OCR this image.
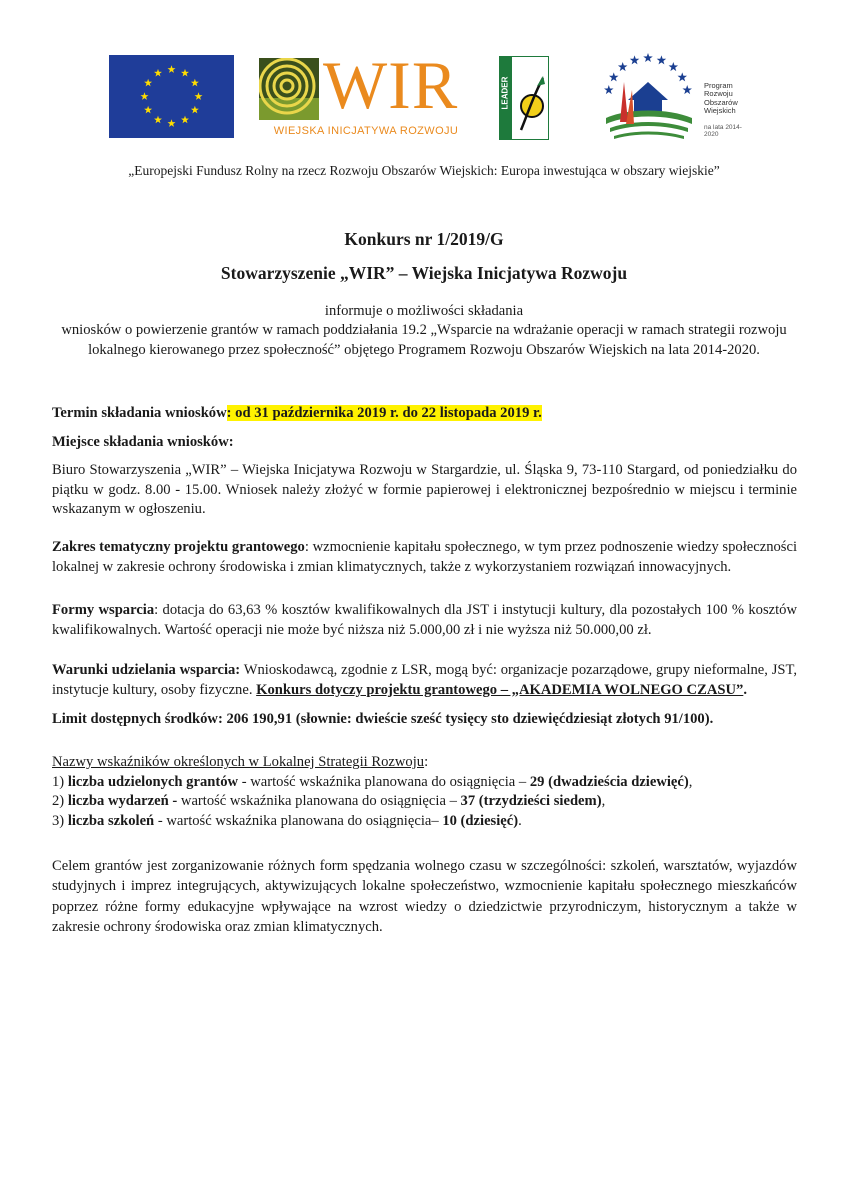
WIR
WIEJSKA INICJATYWA ROZWOJU
LEADER	Program
Rozwoju
Obszarów
Wiejskich
na lata 2014-2020
„Europejski Fundusz Rolny na rzecz Rozwoju Obszarów Wiejskich: Europa inwestująca w obszary wiejskie”
Konkurs nr 1/2019/G
Stowarzyszenie „WIR” – Wiejska Inicjatywa Rozwoju
informuje o możliwości składania
wniosków o powierzenie grantów w ramach poddziałania 19.2 „Wsparcie na wdrażanie operacji w ramach strategii rozwoju lokalnego kierowanego przez społeczność” objętego Programem Rozwoju Obszarów Wiejskich na lata 2014-2020.

Termin składania wniosków: od 31 października 2019 r. do 22 listopada 2019 r.

Miejsce składania wniosków:

Biuro Stowarzyszenia „WIR” – Wiejska Inicjatywa Rozwoju w Stargardzie, ul. Śląska 9, 73-110 Stargard, od poniedziałku do piątku w godz. 8.00 - 15.00. Wniosek należy złożyć w formie papierowej i elektronicznej bezpośrednio w miejscu i terminie wskazanym w ogłoszeniu.

Zakres tematyczny projektu grantowego: wzmocnienie kapitału społecznego, w tym przez podnoszenie wiedzy społeczności lokalnej w zakresie ochrony środowiska i zmian klimatycznych, także z wykorzystaniem rozwiązań innowacyjnych.

Formy wsparcia: dotacja do 63,63 % kosztów kwalifikowalnych dla JST i instytucji kultury, dla pozostałych 100 % kosztów kwalifikowalnych. Wartość operacji nie może być niższa niż 5.000,00 zł i nie wyższa niż 50.000,00 zł.

Warunki udzielania wsparcia: Wnioskodawcą, zgodnie z LSR, mogą być: organizacje pozarządowe, grupy nieformalne, JST, instytucje kultury, osoby fizyczne. Konkurs dotyczy projektu grantowego – „AKADEMIA WOLNEGO CZASU”.

Limit dostępnych środków: 206 190,91 (słownie: dwieście sześć tysięcy sto dziewięćdziesiąt złotych 91/100).

Nazwy wskaźników określonych w Lokalnej Strategii Rozwoju:

1) liczba udzielonych grantów - wartość wskaźnika planowana do osiągnięcia – 29 (dwadzieścia dziewięć),

2) liczba wydarzeń - wartość wskaźnika planowana do osiągnięcia – 37 (trzydzieści siedem),

3) liczba szkoleń - wartość wskaźnika planowana do osiągnięcia– 10 (dziesięć).

Celem grantów jest zorganizowanie różnych form spędzania wolnego czasu w szczególności: szkoleń, warsztatów, wyjazdów studyjnych i imprez integrujących, aktywizujących lokalne społeczeństwo, wzmocnienie kapitału społecznego mieszkańców poprzez różne formy edukacyjne wpływające na wzrost wiedzy o dziedzictwie przyrodniczym, historycznym a także w zakresie ochrony środowiska oraz zmian klimatycznych.
